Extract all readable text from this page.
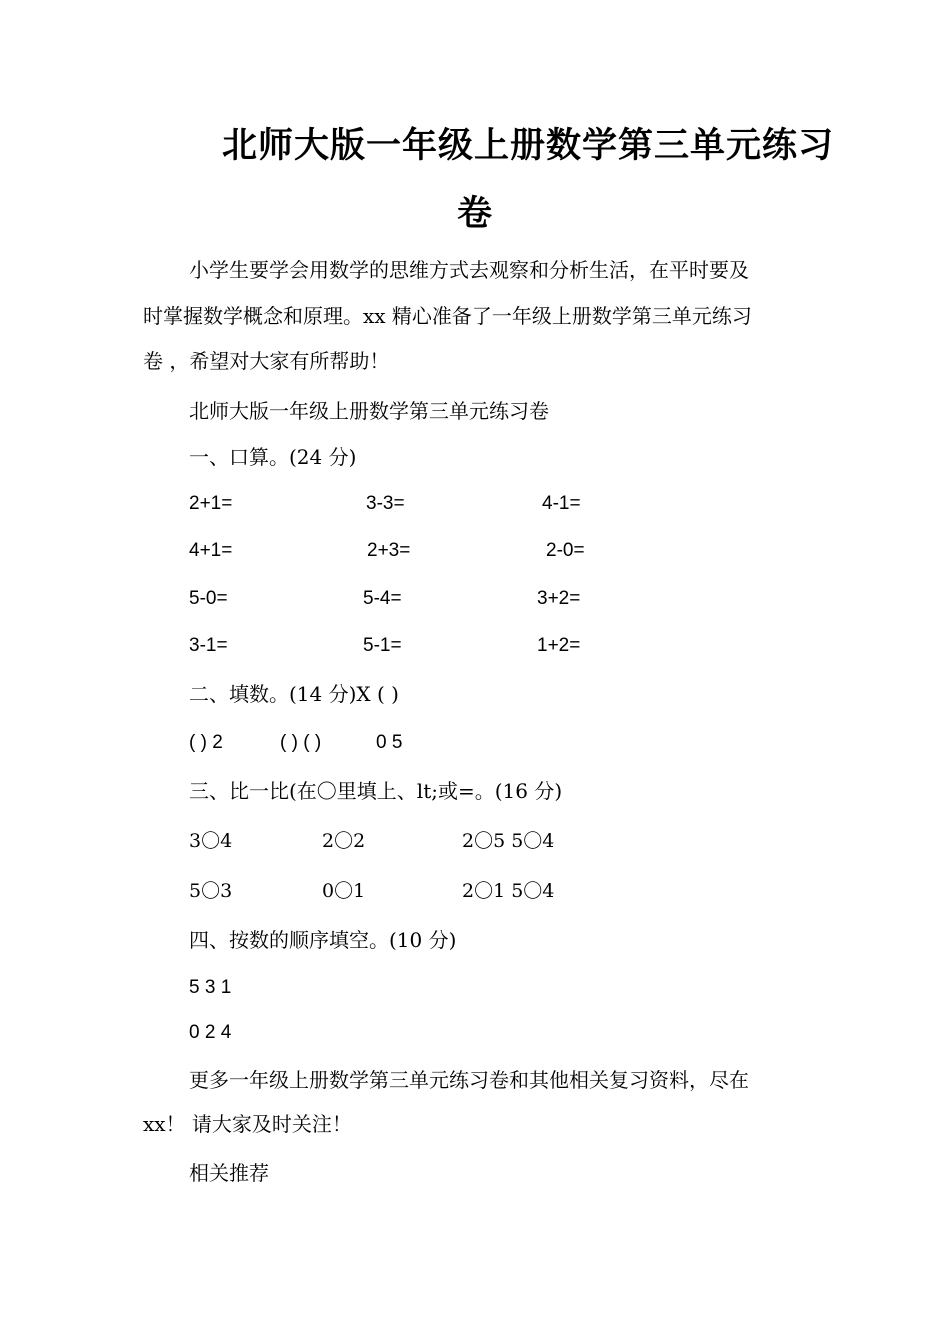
北师大版一年级上册数学第三单元练习
卷
小学生要学会用数学的思维方式去观察和分析生活，在平时要及
时掌握数学概念和原理。xx 精心准备了一年级上册数学第三单元练习
卷 ，希望对大家有所帮助！
北师大版一年级上册数学第三单元练习卷
一、口算。(24 分)
2+1=	3-3=	4-1=
4+1=	2+3=	2-0=
5-0=	5-4=	3+2=
3-1=	5-1=	1+2=
二、填数。(14 分)X ( )
( ) 2	( ) ( )	0 5
三、比一比(在〇里填上、lt;或=。(16 分)
3〇4	2〇2	2〇5 5〇4
5〇3	0〇1	2〇1 5〇4
四、按数的顺序填空。(10 分)
5 3 1
0 2 4
更多一年级上册数学第三单元练习卷和其他相关复习资料，尽在
xx！ 请大家及时关注！
相关推荐
